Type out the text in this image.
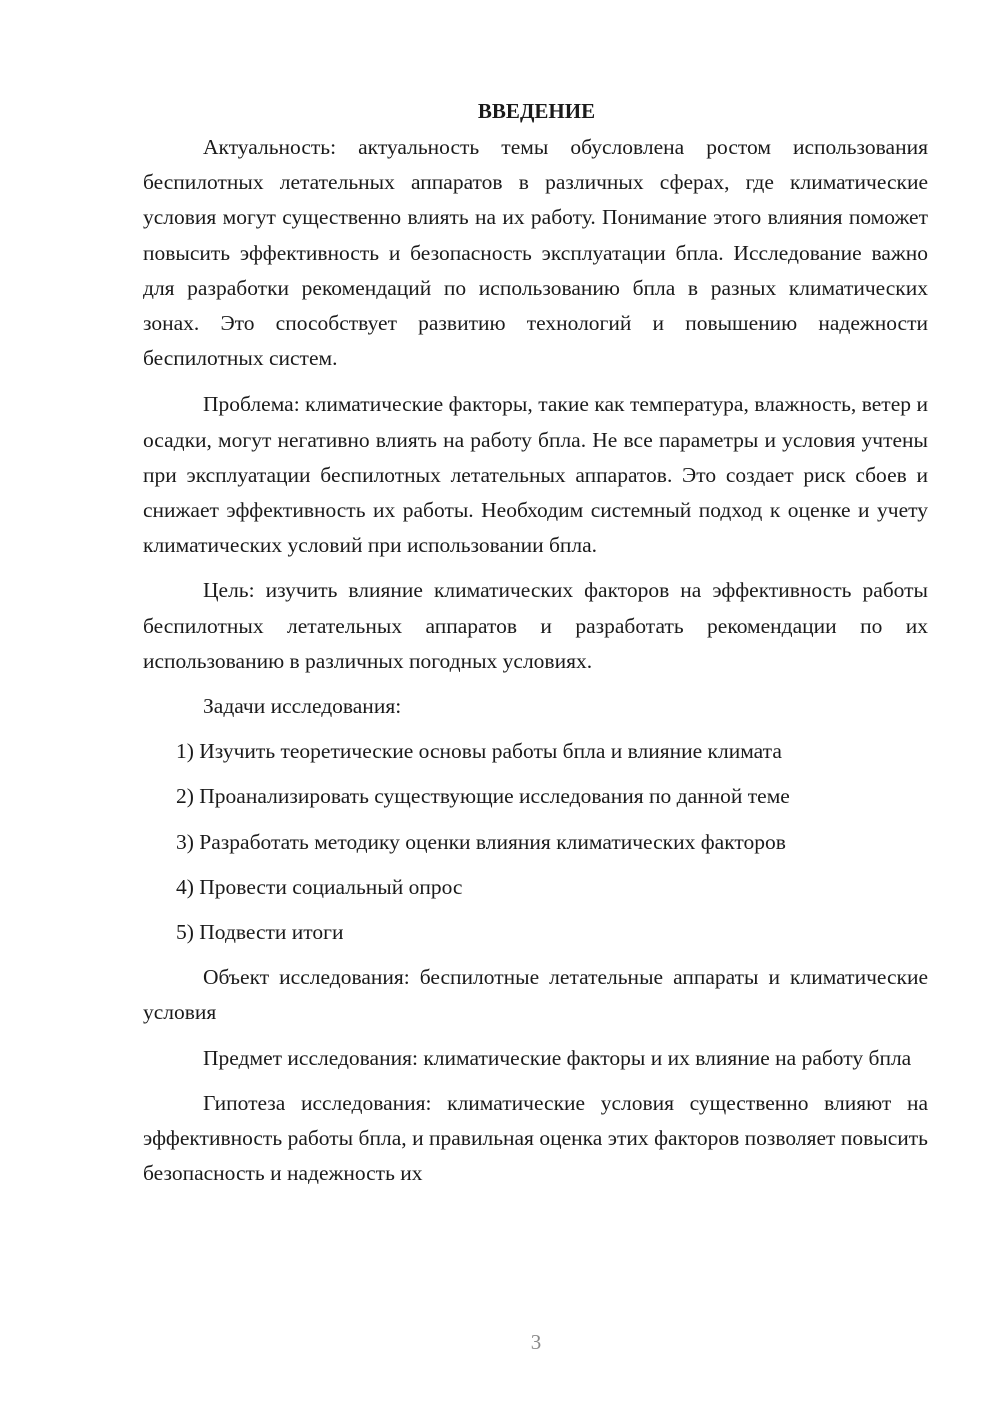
ВВЕДЕНИЕ

Актуальность: актуальность темы обусловлена ростом использования беспилотных летательных аппаратов в различных сферах, где климатические условия могут существенно влиять на их работу. Понимание этого влияния поможет повысить эффективность и безопасность эксплуатации бпла. Исследование важно для разработки рекомендаций по использованию бпла в разных климатических зонах. Это способствует развитию технологий и повышению надежности беспилотных систем.

Проблема: климатические факторы, такие как температура, влажность, ветер и осадки, могут негативно влиять на работу бпла. Не все параметры и условия учтены при эксплуатации беспилотных летательных аппаратов. Это создает риск сбоев и снижает эффективность их работы. Необходим системный подход к оценке и учету климатических условий при использовании бпла.

Цель: изучить влияние климатических факторов на эффективность работы беспилотных летательных аппаратов и разработать рекомендации по их использованию в различных погодных условиях.

Задачи исследования:
1) Изучить теоретические основы работы бпла и влияние климата
2) Проанализировать существующие исследования по данной теме
3) Разработать методику оценки влияния климатических факторов
4) Провести социальный опрос
5) Подвести итоги

Объект исследования: беспилотные летательные аппараты и климатические условия

Предмет исследования: климатические факторы и их влияние на работу бпла

Гипотеза исследования: климатические условия существенно влияют на эффективность работы бпла, и правильная оценка этих факторов позволяет повысить безопасность и надежность их

3
